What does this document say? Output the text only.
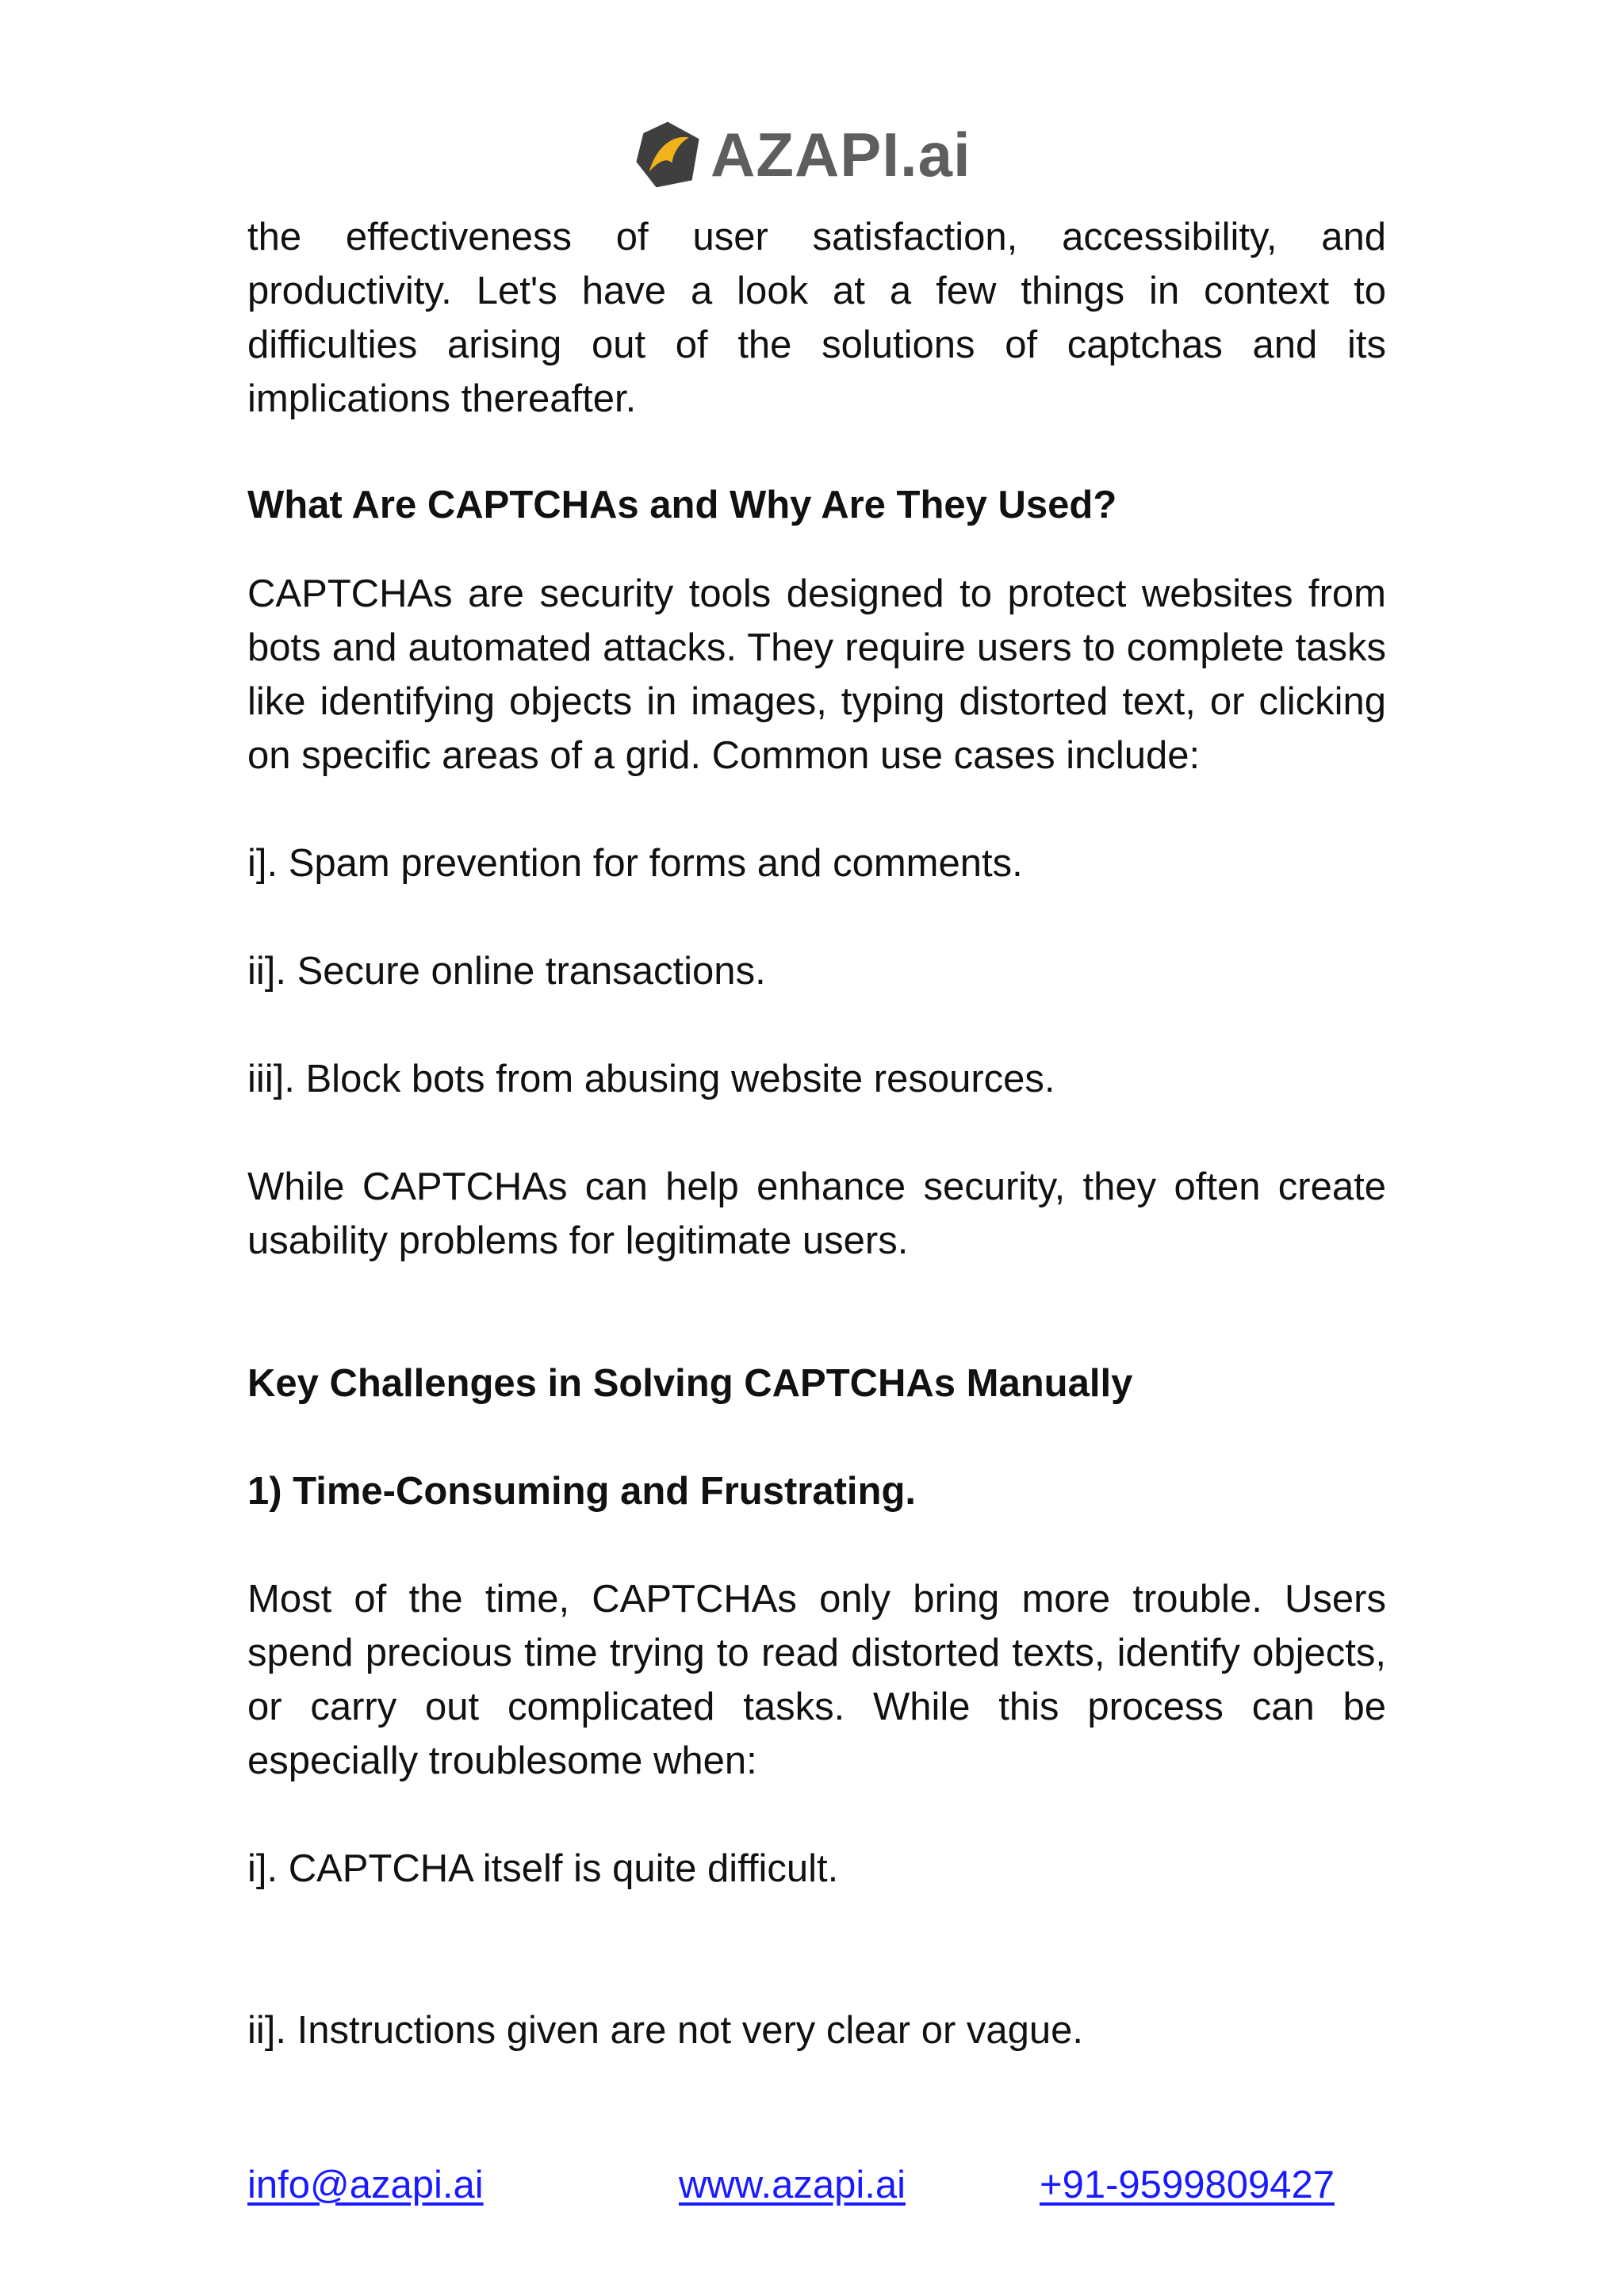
AZAPI.ai

the effectiveness of user satisfaction, accessibility, and productivity. Let's have a look at a few things in context to difficulties arising out of the solutions of captchas and its implications thereafter.

What Are CAPTCHAs and Why Are They Used?

CAPTCHAs are security tools designed to protect websites from bots and automated attacks. They require users to complete tasks like identifying objects in images, typing distorted text, or clicking on specific areas of a grid. Common use cases include:

i]. Spam prevention for forms and comments.

ii]. Secure online transactions.

iii]. Block bots from abusing website resources.

While CAPTCHAs can help enhance security, they often create usability problems for legitimate users.

Key Challenges in Solving CAPTCHAs Manually
1) Time-Consuming and Frustrating.

Most of the time, CAPTCHAs only bring more trouble. Users spend precious time trying to read distorted texts, identify objects, or carry out complicated tasks. While this process can be especially troublesome when:

i]. CAPTCHA itself is quite difficult.

ii]. Instructions given are not very clear or vague.

info@azapi.ai	www.azapi.ai	+91-9599809427
